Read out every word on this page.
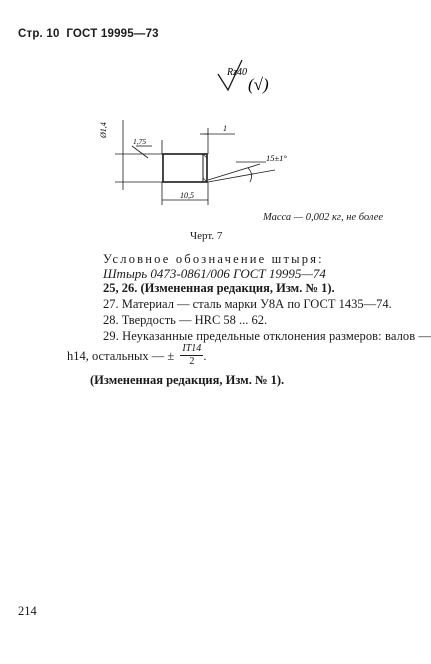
Стр. 10 ГОСТ 19995—73
Rz40
(√)
Ø1,4
1,75
1
15±1°
10,5
Масса — 0,002 кг, не более
Черт. 7
Условное обозначение штыря:
Штырь 0473-0861/006 ГОСТ 19995—74
25, 26. (Измененная редакция, Изм. № 1).
27. Материал — сталь марки У8А по ГОСТ 1435—74.
28. Твердость — HRC 58 ... 62.
29. Неуказанные предельные отклонения размеров: валов —
h14, остальных — ± $\frac{IT14}{2}$ .
(Измененная редакция, Изм. № 1).
214
